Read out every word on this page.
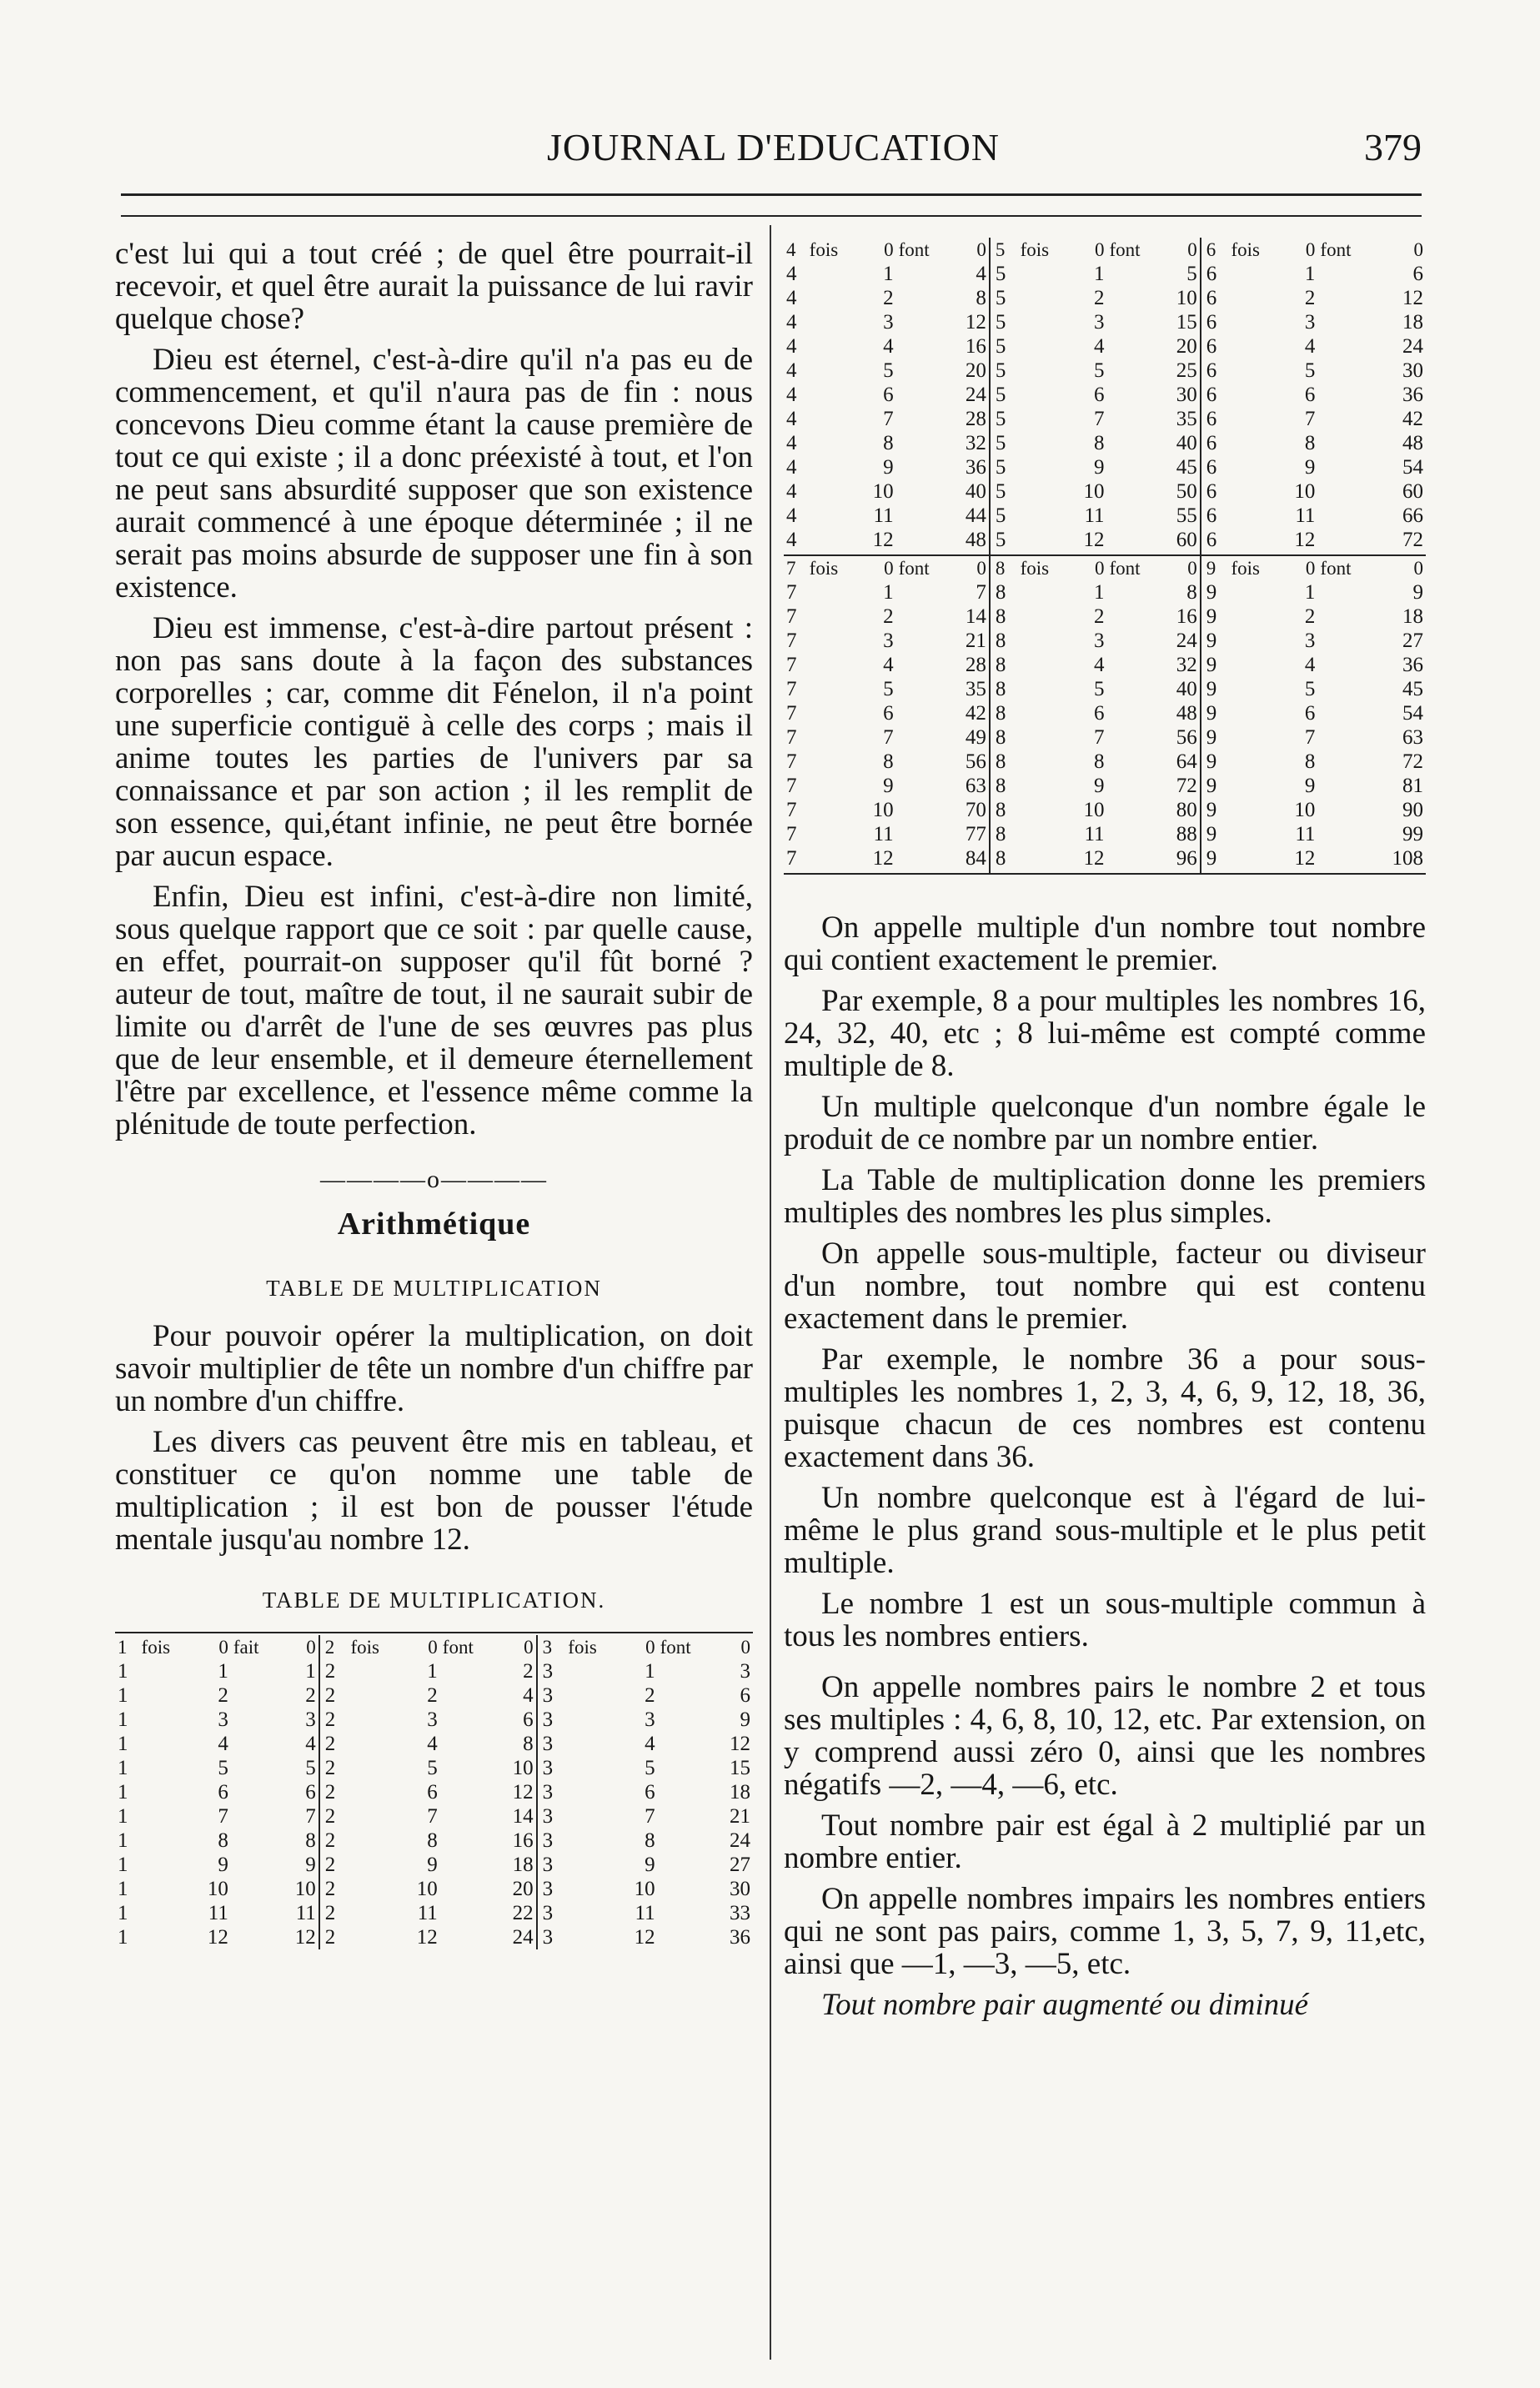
JOURNAL D'EDUCATION	379

c'est lui qui a tout créé ; de quel être pourrait-il recevoir, et quel être aurait la puissance de lui ravir quelque chose?

Dieu est éternel, c'est-à-dire qu'il n'a pas eu de commencement, et qu'il n'aura pas de fin : nous concevons Dieu comme étant la cause première de tout ce qui existe ; il a donc préexisté à tout, et l'on ne peut sans absurdité supposer que son existence aurait commencé à une époque déterminée ; il ne serait pas moins absurde de supposer une fin à son existence.

Dieu est immense, c'est-à-dire partout présent : non pas sans doute à la façon des substances corporelles ; car, comme dit Fénelon, il n'a point une superficie contiguë à celle des corps ; mais il anime toutes les parties de l'univers par sa connaissance et par son action ; il les remplit de son essence, qui,étant infinie, ne peut être bornée par aucun espace.

Enfin, Dieu est infini, c'est-à-dire non limité, sous quelque rapport que ce soit : par quelle cause, en effet, pourrait-on supposer qu'il fût borné ? auteur de tout, maître de tout, il ne saurait subir de limite ou d'arrêt de l'une de ses œuvres pas plus que de leur ensemble, et il demeure éternellement l'être par excellence, et l'essence même comme la plénitude de toute perfection.

————o————
Arithmétique
TABLE DE MULTIPLICATION

Pour pouvoir opérer la multiplication, on doit savoir multiplier de tête un nombre d'un chiffre par un nombre d'un chiffre.

Les divers cas peuvent être mis en tableau, et constituer ce qu'on nomme une table de multiplication ; il est bon de pousser l'étude mentale jusqu'au nombre 12.

TABLE DE MULTIPLICATION.
1	fois	0	fait	0	2	fois	0	font	0	3	fois	0	font	0
1		1		1	2		1		2	3		1		3
1		2		2	2		2		4	3		2		6
1		3		3	2		3		6	3		3		9
1		4		4	2		4		8	3		4		12
1		5		5	2		5		10	3		5		15
1		6		6	2		6		12	3		6		18
1		7		7	2		7		14	3		7		21
1		8		8	2		8		16	3		8		24
1		9		9	2		9		18	3		9		27
1		10		10	2		10		20	3		10		30
1		11		11	2		11		22	3		11		33
1		12		12	2		12		24	3		12		36
4	fois	0	font	0	5	fois	0	font	0	6	fois	0	font	0
4		1		4	5		1		5	6		1		6
4		2		8	5		2		10	6		2		12
4		3		12	5		3		15	6		3		18
4		4		16	5		4		20	6		4		24
4		5		20	5		5		25	6		5		30
4		6		24	5		6		30	6		6		36
4		7		28	5		7		35	6		7		42
4		8		32	5		8		40	6		8		48
4		9		36	5		9		45	6		9		54
4		10		40	5		10		50	6		10		60
4		11		44	5		11		55	6		11		66
4		12		48	5		12		60	6		12		72
7	fois	0	font	0	8	fois	0	font	0	9	fois	0	font	0
7		1		7	8		1		8	9		1		9
7		2		14	8		2		16	9		2		18
7		3		21	8		3		24	9		3		27
7		4		28	8		4		32	9		4		36
7		5		35	8		5		40	9		5		45
7		6		42	8		6		48	9		6		54
7		7		49	8		7		56	9		7		63
7		8		56	8		8		64	9		8		72
7		9		63	8		9		72	9		9		81
7		10		70	8		10		80	9		10		90
7		11		77	8		11		88	9		11		99
7		12		84	8		12		96	9		12		108

On appelle multiple d'un nombre tout nombre qui contient exactement le premier.

Par exemple, 8 a pour multiples les nombres 16, 24, 32, 40, etc ; 8 lui-même est compté comme multiple de 8.

Un multiple quelconque d'un nombre égale le produit de ce nombre par un nombre entier.

La Table de multiplication donne les premiers multiples des nombres les plus simples.

On appelle sous-multiple, facteur ou diviseur d'un nombre, tout nombre qui est contenu exactement dans le premier.

Par exemple, le nombre 36 a pour sous-multiples les nombres 1, 2, 3, 4, 6, 9, 12, 18, 36, puisque chacun de ces nombres est contenu exactement dans 36.

Un nombre quelconque est à l'égard de lui-même le plus grand sous-multiple et le plus petit multiple.

Le nombre 1 est un sous-multiple commun à tous les nombres entiers.

On appelle nombres pairs le nombre 2 et tous ses multiples : 4, 6, 8, 10, 12, etc. Par extension, on y comprend aussi zéro 0, ainsi que les nombres négatifs —2, —4, —6, etc.

Tout nombre pair est égal à 2 multiplié par un nombre entier.

On appelle nombres impairs les nombres entiers qui ne sont pas pairs, comme 1, 3, 5, 7, 9, 11,etc, ainsi que —1, —3, —5, etc.

Tout nombre pair augmenté ou diminué
